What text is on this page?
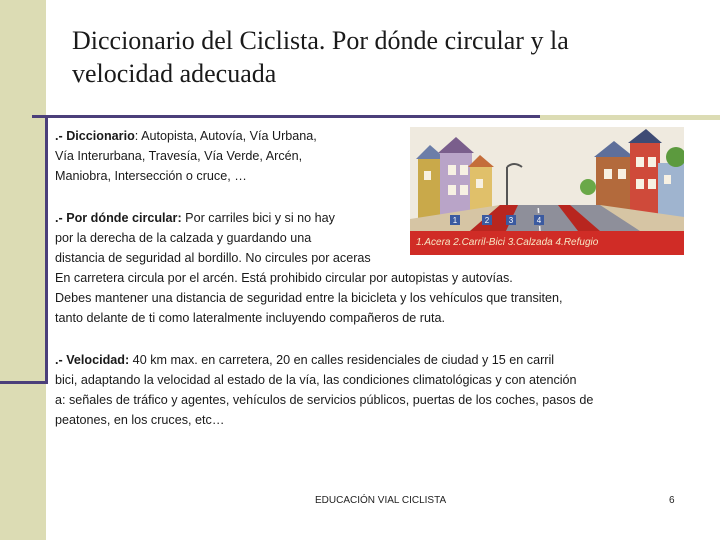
Diccionario del Ciclista. Por dónde circular y la velocidad adecuada
1	2 3	4
1.Acera 2.Carril-Bici 3.Calzada 4.Refugio
.- Diccionario: Autopista, Autovía, Vía Urbana,
Vía Interurbana, Travesía, Vía Verde, Arcén,
Maniobra, Intersección o cruce, …
.- Por dónde circular: Por carriles bici y si no hay
por la derecha de la calzada y guardando una
distancia de seguridad al bordillo. No circules por aceras
En carretera circula por el arcén. Está prohibido circular por autopistas y autovías.
Debes mantener una distancia de seguridad entre la bicicleta y los vehículos que transiten,
tanto delante de ti como lateralmente incluyendo compañeros de ruta.
.- Velocidad: 40 km max. en carretera, 20 en calles residenciales de ciudad y 15 en carril
bici, adaptando la velocidad al estado de la vía, las condiciones climatológicas y con atención
a: señales de tráfico y agentes, vehículos de servicios públicos, puertas de los coches, pasos de
peatones, en los cruces, etc…
EDUCACIÓN VIAL CICLISTA	6
